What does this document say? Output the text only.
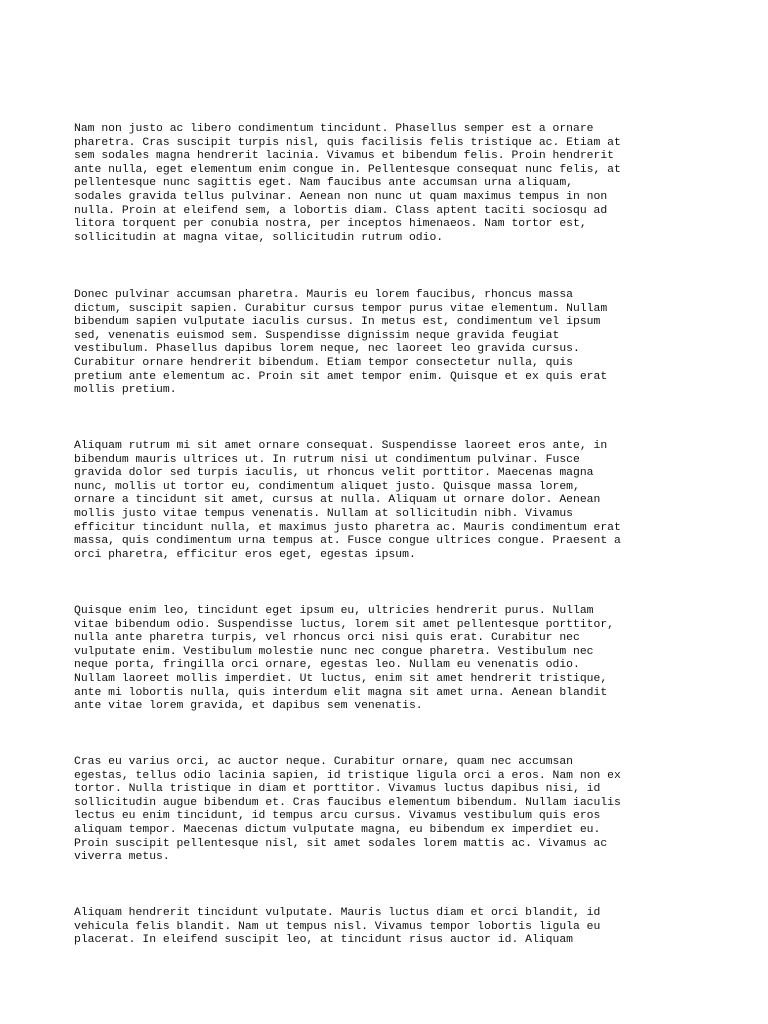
Nam non justo ac libero condimentum tincidunt. Phasellus semper est a ornare
pharetra. Cras suscipit turpis nisl, quis facilisis felis tristique ac. Etiam at
sem sodales magna hendrerit lacinia. Vivamus et bibendum felis. Proin hendrerit
ante nulla, eget elementum enim congue in. Pellentesque consequat nunc felis, at
pellentesque nunc sagittis eget. Nam faucibus ante accumsan urna aliquam,
sodales gravida tellus pulvinar. Aenean non nunc ut quam maximus tempus in non
nulla. Proin at eleifend sem, a lobortis diam. Class aptent taciti sociosqu ad
litora torquent per conubia nostra, per inceptos himenaeos. Nam tortor est,
sollicitudin at magna vitae, sollicitudin rutrum odio.

Donec pulvinar accumsan pharetra. Mauris eu lorem faucibus, rhoncus massa
dictum, suscipit sapien. Curabitur cursus tempor purus vitae elementum. Nullam
bibendum sapien vulputate iaculis cursus. In metus est, condimentum vel ipsum
sed, venenatis euismod sem. Suspendisse dignissim neque gravida feugiat
vestibulum. Phasellus dapibus lorem neque, nec laoreet leo gravida cursus.
Curabitur ornare hendrerit bibendum. Etiam tempor consectetur nulla, quis
pretium ante elementum ac. Proin sit amet tempor enim. Quisque et ex quis erat
mollis pretium.

Aliquam rutrum mi sit amet ornare consequat. Suspendisse laoreet eros ante, in
bibendum mauris ultrices ut. In rutrum nisi ut condimentum pulvinar. Fusce
gravida dolor sed turpis iaculis, ut rhoncus velit porttitor. Maecenas magna
nunc, mollis ut tortor eu, condimentum aliquet justo. Quisque massa lorem,
ornare a tincidunt sit amet, cursus at nulla. Aliquam ut ornare dolor. Aenean
mollis justo vitae tempus venenatis. Nullam at sollicitudin nibh. Vivamus
efficitur tincidunt nulla, et maximus justo pharetra ac. Mauris condimentum erat
massa, quis condimentum urna tempus at. Fusce congue ultrices congue. Praesent a
orci pharetra, efficitur eros eget, egestas ipsum.

Quisque enim leo, tincidunt eget ipsum eu, ultricies hendrerit purus. Nullam
vitae bibendum odio. Suspendisse luctus, lorem sit amet pellentesque porttitor,
nulla ante pharetra turpis, vel rhoncus orci nisi quis erat. Curabitur nec
vulputate enim. Vestibulum molestie nunc nec congue pharetra. Vestibulum nec
neque porta, fringilla orci ornare, egestas leo. Nullam eu venenatis odio.
Nullam laoreet mollis imperdiet. Ut luctus, enim sit amet hendrerit tristique,
ante mi lobortis nulla, quis interdum elit magna sit amet urna. Aenean blandit
ante vitae lorem gravida, et dapibus sem venenatis.

Cras eu varius orci, ac auctor neque. Curabitur ornare, quam nec accumsan
egestas, tellus odio lacinia sapien, id tristique ligula orci a eros. Nam non ex
tortor. Nulla tristique in diam et porttitor. Vivamus luctus dapibus nisi, id
sollicitudin augue bibendum et. Cras faucibus elementum bibendum. Nullam iaculis
lectus eu enim tincidunt, id tempus arcu cursus. Vivamus vestibulum quis eros
aliquam tempor. Maecenas dictum vulputate magna, eu bibendum ex imperdiet eu.
Proin suscipit pellentesque nisl, sit amet sodales lorem mattis ac. Vivamus ac
viverra metus.

Aliquam hendrerit tincidunt vulputate. Mauris luctus diam et orci blandit, id
vehicula felis blandit. Nam ut tempus nisl. Vivamus tempor lobortis ligula eu
placerat. In eleifend suscipit leo, at tincidunt risus auctor id. Aliquam
